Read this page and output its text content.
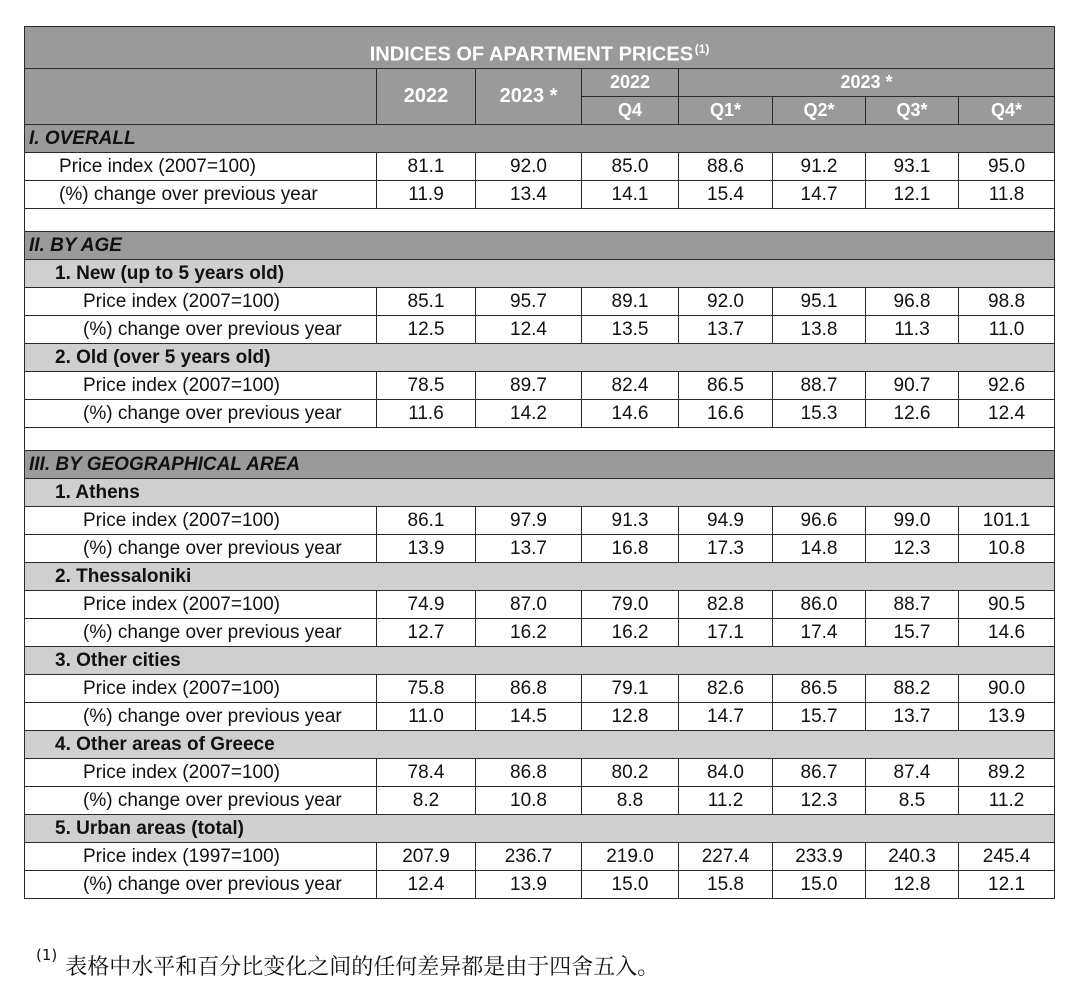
INDICES OF APARTMENT PRICES  $^{(1)}$
	2022	2023 *	2022	2023 *			
			Q4	Q1*	Q2*	Q3*	Q4*
I. OVERALL							
Price index (2007=100)	81.1	92.0	85.0	88.6	91.2	93.1	95.0
(%) change over previous year	11.9	13.4	14.1	15.4	14.7	12.1	11.8

II. BY AGE							
1. New (up to 5 years old)							
Price index (2007=100)	85.1	95.7	89.1	92.0	95.1	96.8	98.8
(%) change over previous year	12.5	12.4	13.5	13.7	13.8	11.3	11.0
2. Old (over 5 years old)							
Price index (2007=100)	78.5	89.7	82.4	86.5	88.7	90.7	92.6
(%) change over previous year	11.6	14.2	14.6	16.6	15.3	12.6	12.4

III. BY GEOGRAPHICAL AREA							
1. Athens							
Price index (2007=100)	86.1	97.9	91.3	94.9	96.6	99.0	101.1
(%) change over previous year	13.9	13.7	16.8	17.3	14.8	12.3	10.8
2. Thessaloniki							
Price index (2007=100)	74.9	87.0	79.0	82.8	86.0	88.7	90.5
(%) change over previous year	12.7	16.2	16.2	17.1	17.4	15.7	14.6
3. Other cities							
Price index (2007=100)	75.8	86.8	79.1	82.6	86.5	88.2	90.0
(%) change over previous year	11.0	14.5	12.8	14.7	15.7	13.7	13.9
4. Other areas of Greece							
Price index (2007=100)	78.4	86.8	80.2	84.0	86.7	87.4	89.2
(%) change over previous year	8.2	10.8	8.8	11.2	12.3	8.5	11.2
5. Urban areas (total)							
Price index (1997=100)	207.9	236.7	219.0	227.4	233.9	240.3	245.4
(%) change over previous year	12.4	13.9	15.0	15.8	15.0	12.8	12.1
$^{(1)}$ 表格中水平和百分比变化之间的任何差异都是由于四舍五入。
